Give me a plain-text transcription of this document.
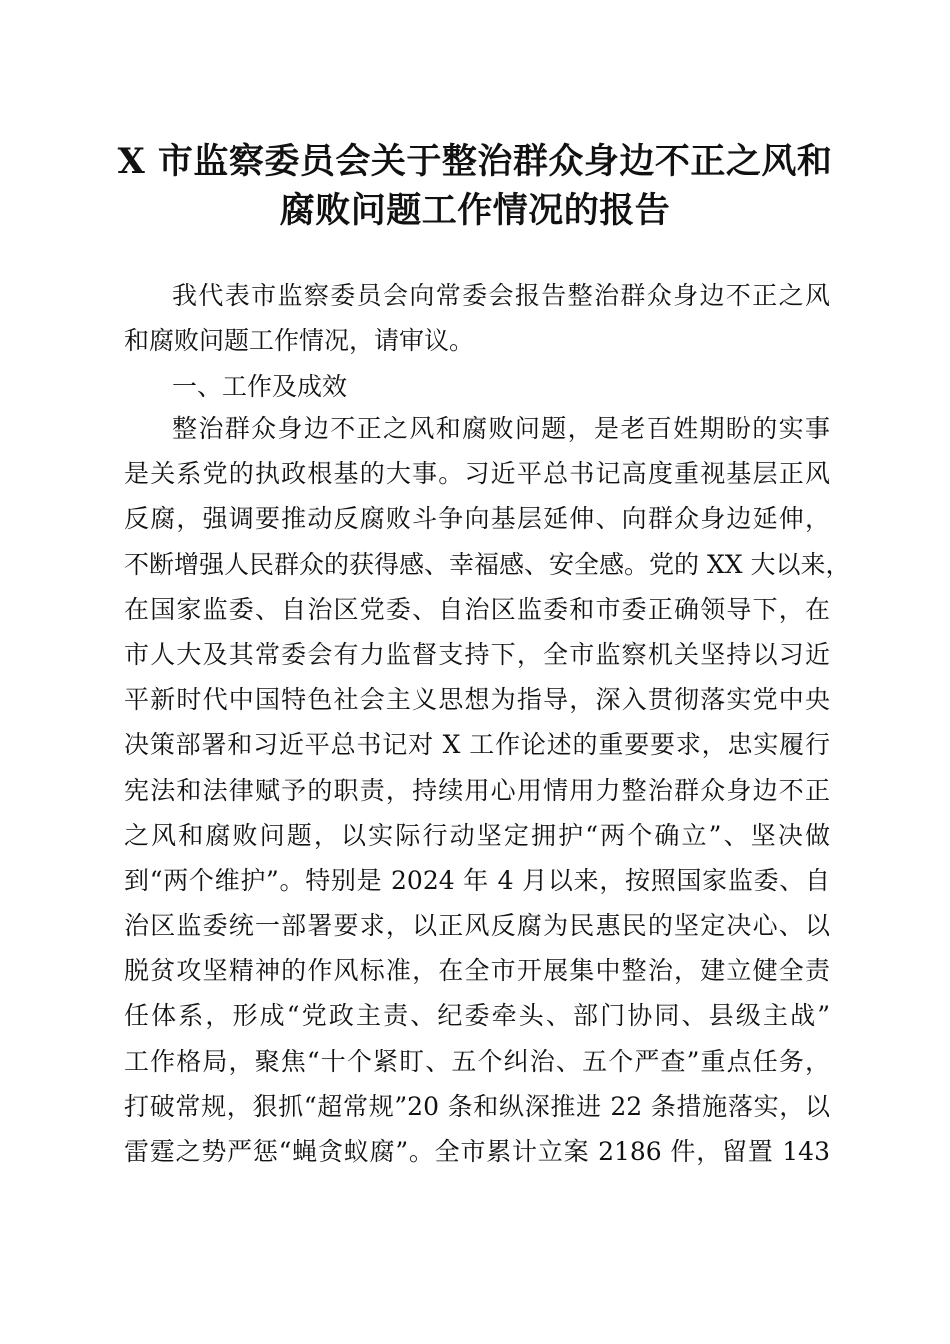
X 市监察委员会关于整治群众身边不正之风和
腐败问题工作情况的报告
我代表市监察委员会向常委会报告整治群众身边不正之风
和腐败问题工作情况，请审议。
一、工作及成效
整治群众身边不正之风和腐败问题，是老百姓期盼的实事
是关系党的执政根基的大事。习近平总书记高度重视基层正风
反腐，强调要推动反腐败斗争向基层延伸、向群众身边延伸，
不断增强人民群众的获得感、幸福感、安全感。党的 XX 大以来，
在国家监委、自治区党委、自治区监委和市委正确领导下，在
市人大及其常委会有力监督支持下，全市监察机关坚持以习近
平新时代中国特色社会主义思想为指导，深入贯彻落实党中央
决策部署和习近平总书记对 X 工作论述的重要要求，忠实履行
宪法和法律赋予的职责，持续用心用情用力整治群众身边不正
之风和腐败问题，以实际行动坚定拥护“两个确立”、坚决做
到“两个维护”。特别是 2024 年 4 月以来，按照国家监委、自
治区监委统一部署要求，以正风反腐为民惠民的坚定决心、以
脱贫攻坚精神的作风标准，在全市开展集中整治，建立健全责
任体系，形成“党政主责、纪委牵头、部门协同、县级主战”
工作格局，聚焦“十个紧盯、五个纠治、五个严查”重点任务，
打破常规，狠抓“超常规”20 条和纵深推进 22 条措施落实，以
雷霆之势严惩“蝇贪蚁腐”。全市累计立案 2186 件，留置 143
